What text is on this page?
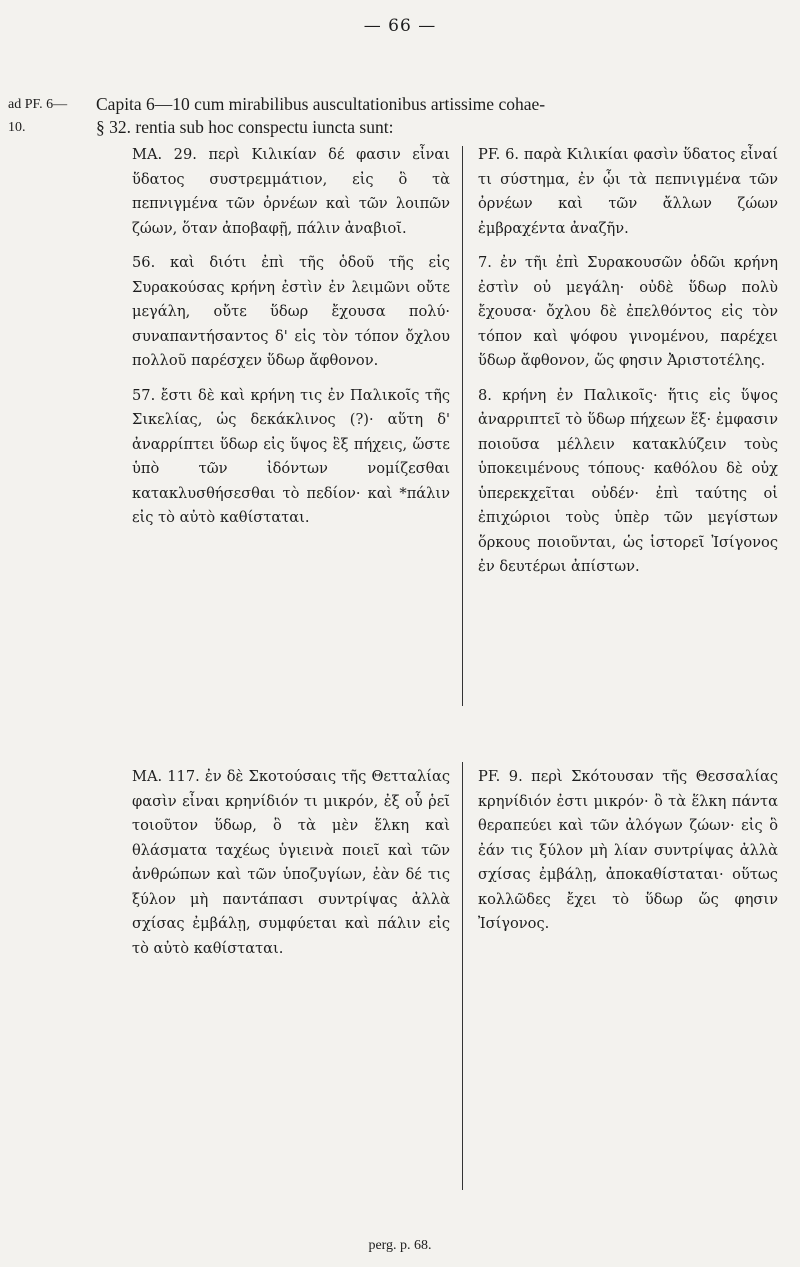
— 66 —
ad PF. 6—
10.
Capita 6—10 cum mirabilibus auscultationibus artissime cohae-
§ 32. rentia sub hoc conspectu iuncta sunt:

ΜΑ. 29. περὶ Κιλικίαν δέ φασιν εἶναι ὕδατος συστρεμμάτιον, εἰς ὃ τὰ πεπνιγμένα τῶν ὀρνέων καὶ τῶν λοιπῶν ζώων, ὅταν ἀποβαφῇ, πάλιν ἀναβιοῖ.

56. καὶ διότι ἐπὶ τῆς ὁδοῦ τῆς εἰς Συρακούσας κρήνη ἐστὶν ἐν λειμῶνι οὔτε μεγάλη, οὔτε ὕδωρ ἔχουσα πολύ· συναπαντήσαντος δ' εἰς τὸν τόπον ὄχλου πολλοῦ παρέσχεν ὕδωρ ἄφθονον.

57. ἔστι δὲ καὶ κρήνη τις ἐν Παλικοῖς τῆς Σικελίας, ὡς δεκάκλινος (?)· αὕτη δ' ἀναρρίπτει ὕδωρ εἰς ὕψος ἓξ πήχεις, ὥστε ὑπὸ τῶν ἰδόντων νομίζεσθαι κατακλυσθήσεσθαι τὸ πεδίον· καὶ *πάλιν εἰς τὸ αὐτὸ καθίσταται.

PF. 6. παρὰ Κιλικίαι φασὶν ὕδατος εἶναί τι σύστημα, ἐν ᾧι τὰ πεπνιγμένα τῶν ὀρνέων καὶ τῶν ἄλλων ζώων ἐμβραχέντα ἀναζῆν.

7. ἐν τῆι ἐπὶ Συρακουσῶν ὁδῶι κρήνη ἐστὶν οὐ μεγάλη· οὐδὲ ὕδωρ πολὺ ἔχουσα· ὄχλου δὲ ἐπελθόντος εἰς τὸν τόπον καὶ ψόφου γινομένου, παρέχει ὕδωρ ἄφθονον, ὥς φησιν Ἀριστοτέλης.

8. κρήνη ἐν Παλικοῖς· ἥτις εἰς ὕψος ἀναρριπτεῖ τὸ ὕδωρ πήχεων ἕξ· ἐμφασιν ποιοῦσα μέλλειν κατακλύζειν τοὺς ὑποκειμένους τόπους· καθόλου δὲ οὐχ ὑπερεκχεῖται οὐδέν· ἐπὶ ταύτης οἱ ἐπιχώριοι τοὺς ὑπὲρ τῶν μεγίστων ὅρκους ποιοῦνται, ὡς ἱστορεῖ Ἰσίγονος ἐν δευτέρωι ἀπίστων.

ΜΑ. 117. ἐν δὲ Σκοτούσαις τῆς Θετταλίας φασὶν εἶναι κρηνίδιόν τι μικρόν, ἐξ οὗ ῥεῖ τοιοῦτον ὕδωρ, ὃ τὰ μὲν ἕλκη καὶ θλάσματα ταχέως ὑγιεινὰ ποιεῖ καὶ τῶν ἀνθρώπων καὶ τῶν ὑποζυγίων, ἐὰν δέ τις ξύλον μὴ παντάπασι συντρίψας ἀλλὰ σχίσας ἐμβάλῃ, συμφύεται καὶ πάλιν εἰς τὸ αὐτὸ καθίσταται.

PF. 9. περὶ Σκότουσαν τῆς Θεσσαλίας κρηνίδιόν ἐστι μικρόν· ὃ τὰ ἕλκη πάντα θεραπεύει καὶ τῶν ἀλόγων ζώων· εἰς ὃ ἐάν τις ξύλον μὴ λίαν συντρίψας ἀλλὰ σχίσας ἐμβάλῃ, ἀποκαθίσταται· οὕτως κολλῶδες ἔχει τὸ ὕδωρ ὥς φησιν Ἰσίγονος.

perg. p. 68.
